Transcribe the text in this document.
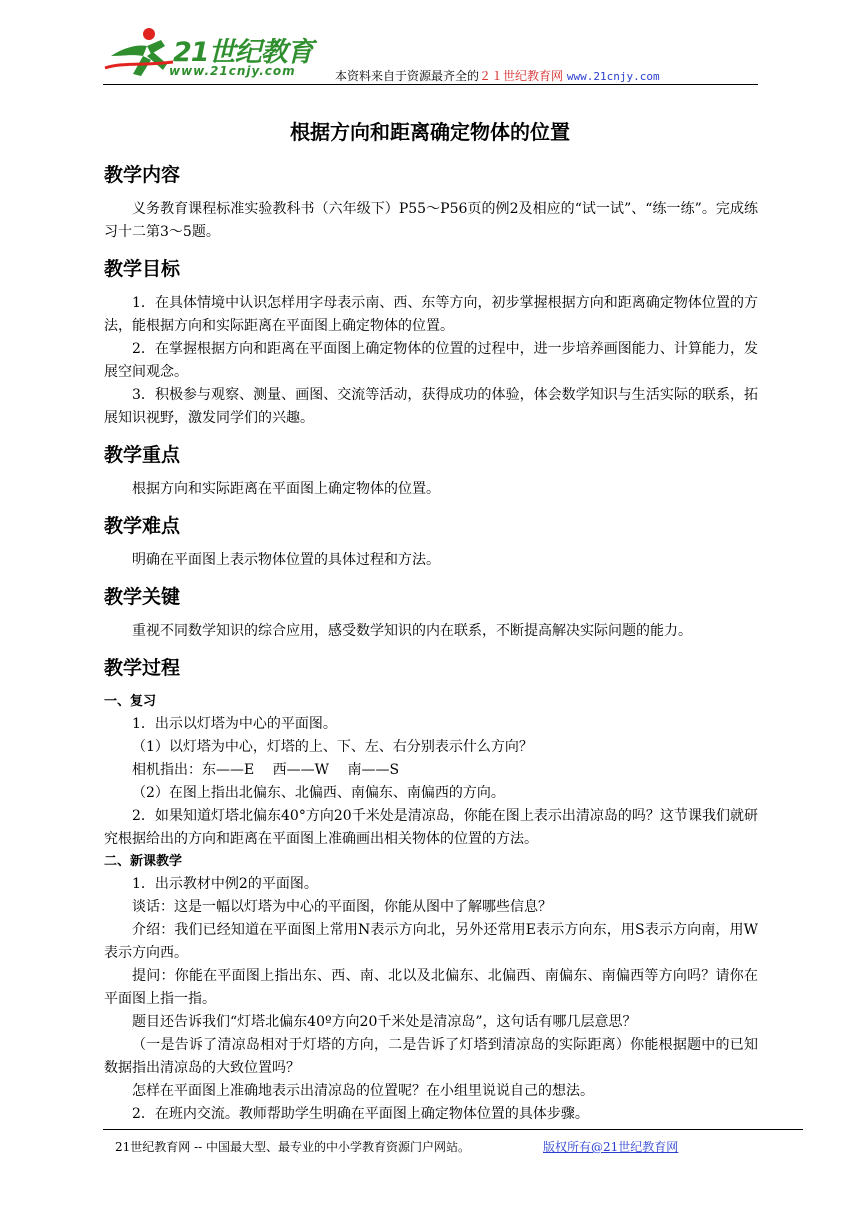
21世纪教育
www.21cnjy.com	本资料来自于资源最齐全的２１世纪教育网 www.21cnjy.com
根据方向和距离确定物体的位置
教学内容

义务教育课程标准实验教科书（六年级下）P55～P56页的例2及相应的“试一试”、“练一练”。完成练习十二第3～5题。

教学目标

1．在具体情境中认识怎样用字母表示南、西、东等方向，初步掌握根据方向和距离确定物体位置的方法，能根据方向和实际距离在平面图上确定物体的位置。

2．在掌握根据方向和距离在平面图上确定物体的位置的过程中，进一步培养画图能力、计算能力，发展空间观念。

3．积极参与观察、测量、画图、交流等活动，获得成功的体验，体会数学知识与生活实际的联系，拓展知识视野，激发同学们的兴趣。

教学重点

根据方向和实际距离在平面图上确定物体的位置。

教学难点

明确在平面图上表示物体位置的具体过程和方法。

教学关键

重视不同数学知识的综合应用，感受数学知识的内在联系，不断提高解决实际问题的能力。

教学过程
一、复习

1．出示以灯塔为中心的平面图。

（1）以灯塔为中心，灯塔的上、下、左、右分别表示什么方向？

相机指出：东——E　 西——W　 南——S

（2）在图上指出北偏东、北偏西、南偏东、南偏西的方向。

2．如果知道灯塔北偏东40°方向20千米处是清凉岛，你能在图上表示出清凉岛的吗？这节课我们就研究根据给出的方向和距离在平面图上准确画出相关物体的位置的方法。

二、新课教学

1．出示教材中例2的平面图。

谈话：这是一幅以灯塔为中心的平面图，你能从图中了解哪些信息？

介绍：我们已经知道在平面图上常用N表示方向北，另外还常用E表示方向东，用S表示方向南，用W表示方向西。

提问：你能在平面图上指出东、西、南、北以及北偏东、北偏西、南偏东、南偏西等方向吗？请你在平面图上指一指。

题目还告诉我们“灯塔北偏东40º方向20千米处是清凉岛”，这句话有哪几层意思？

（一是告诉了清凉岛相对于灯塔的方向，二是告诉了灯塔到清凉岛的实际距离）你能根据题中的已知数据指出清凉岛的大致位置吗？

怎样在平面图上准确地表示出清凉岛的位置呢？在小组里说说自己的想法。

2．在班内交流。教师帮助学生明确在平面图上确定物体位置的具体步骤。

21世纪教育网 -- 中国最大型、最专业的中小学教育资源门户网站。	版权所有@21世纪教育网
